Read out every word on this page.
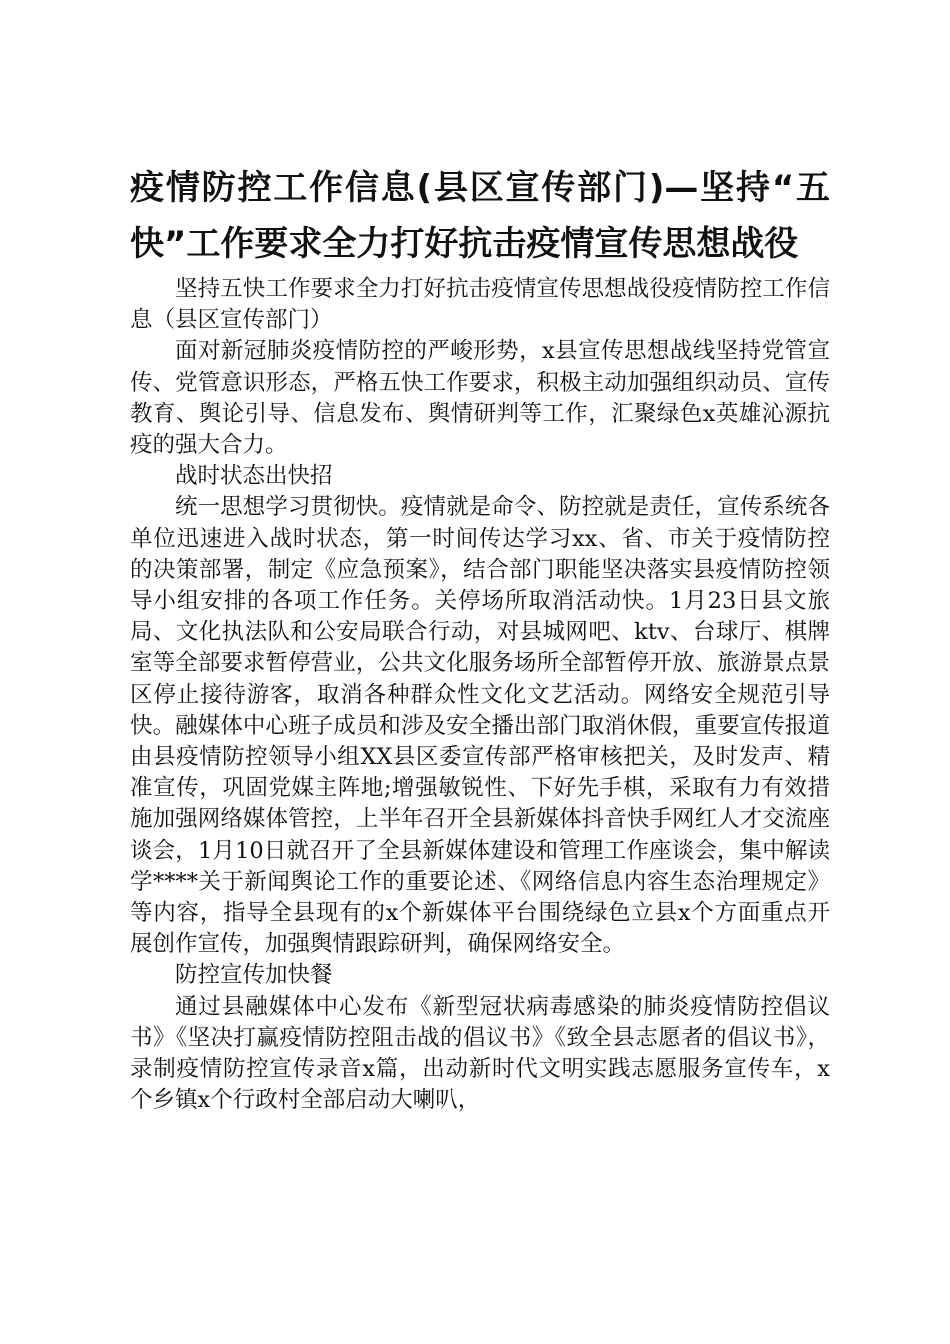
疫情防控工作信息(县区宣传部门)—坚持“五快”工作要求全力打好抗击疫情宣传思想战役

坚持五快工作要求全力打好抗击疫情宣传思想战役疫情防控工作信息（县区宣传部门）

面对新冠肺炎疫情防控的严峻形势，x县宣传思想战线坚持党管宣传、党管意识形态，严格五快工作要求，积极主动加强组织动员、宣传教育、舆论引导、信息发布、舆情研判等工作，汇聚绿色x英雄沁源抗疫的强大合力。

战时状态出快招

统一思想学习贯彻快。疫情就是命令、防控就是责任，宣传系统各单位迅速进入战时状态，第一时间传达学习xx、省、市关于疫情防控的决策部署，制定《应急预案》，结合部门职能坚决落实县疫情防控领导小组安排的各项工作任务。关停场所取消活动快。1月23日县文旅局、文化执法队和公安局联合行动，对县城网吧、ktv、台球厅、棋牌室等全部要求暂停营业，公共文化服务场所全部暂停开放、旅游景点景区停止接待游客，取消各种群众性文化文艺活动。网络安全规范引导快。融媒体中心班子成员和涉及安全播出部门取消休假，重要宣传报道由县疫情防控领导小组XX县区委宣传部严格审核把关，及时发声、精准宣传，巩固党媒主阵地;增强敏锐性、下好先手棋，采取有力有效措施加强网络媒体管控，上半年召开全县新媒体抖音快手网红人才交流座谈会，1月10日就召开了全县新媒体建设和管理工作座谈会，集中解读学****关于新闻舆论工作的重要论述、《网络信息内容生态治理规定》等内容，指导全县现有的x个新媒体平台围绕绿色立县x个方面重点开展创作宣传，加强舆情跟踪研判，确保网络安全。

防控宣传加快餐

通过县融媒体中心发布《新型冠状病毒感染的肺炎疫情防控倡议书》《坚决打赢疫情防控阻击战的倡议书》《致全县志愿者的倡议书》，录制疫情防控宣传录音x篇，出动新时代文明实践志愿服务宣传车，x个乡镇x个行政村全部启动大喇叭，
